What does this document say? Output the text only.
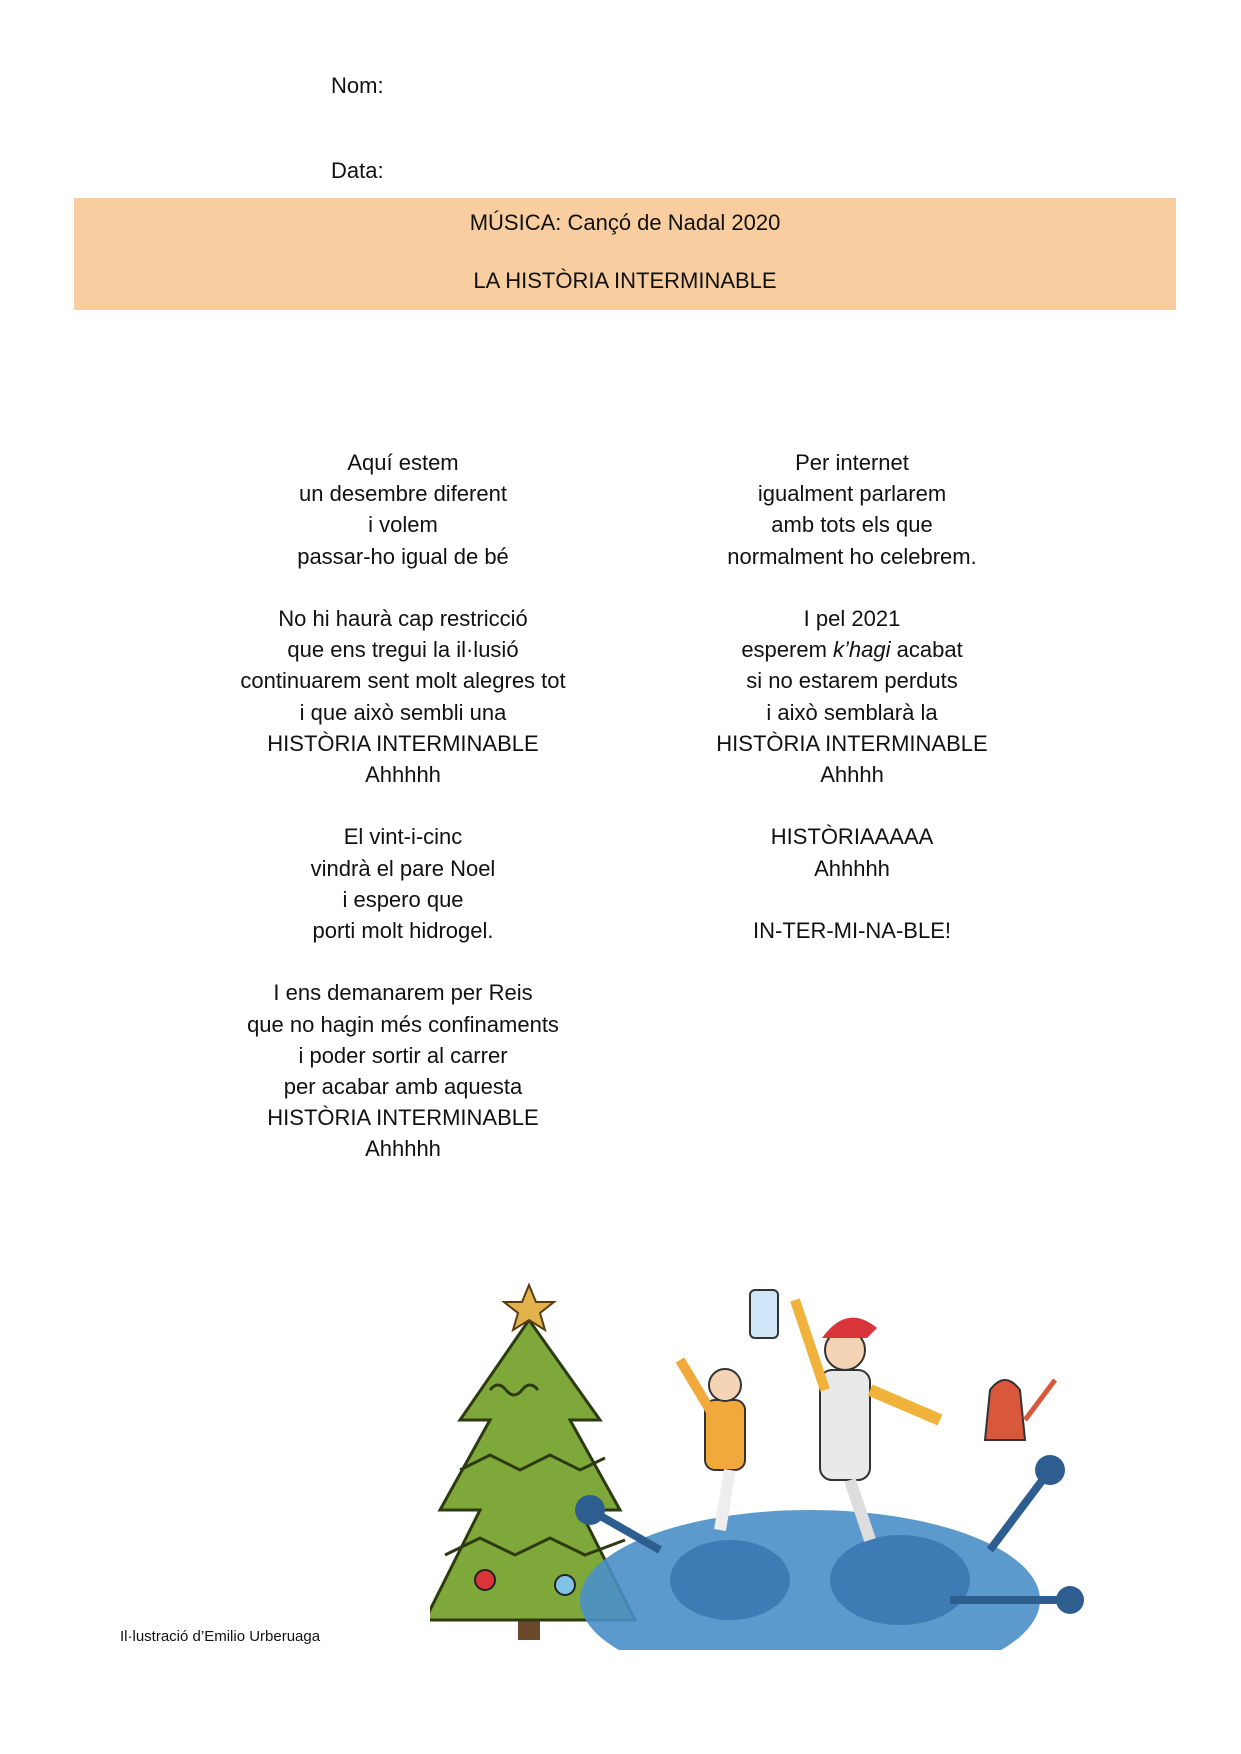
Nom:
Data:
MÚSICA: Cançó de Nadal 2020
LA HISTÒRIA INTERMINABLE
Aquí estem
un desembre diferent
i volem
passar-ho igual de bé
No hi haurà cap restricció
que ens tregui la il·lusió
continuarem sent molt alegres tot
i que això sembli una
HISTÒRIA INTERMINABLE
Ahhhhh
El vint-i-cinc
vindrà el pare Noel
i espero que
porti molt hidrogel.
I ens demanarem per Reis
que no hagin més confinaments
i poder sortir al carrer
per acabar amb aquesta
HISTÒRIA INTERMINABLE
Ahhhhh
Per internet
igualment parlarem
amb tots els que
normalment ho celebrem.
I pel 2021
esperem k’hagi acabat
si no estarem perduts
i això semblarà la
HISTÒRIA INTERMINABLE
Ahhhh
HISTÒRIAAAAA
Ahhhhh
IN-TER-MI-NA-BLE!
Il·lustració d’Emilio Urberuaga
